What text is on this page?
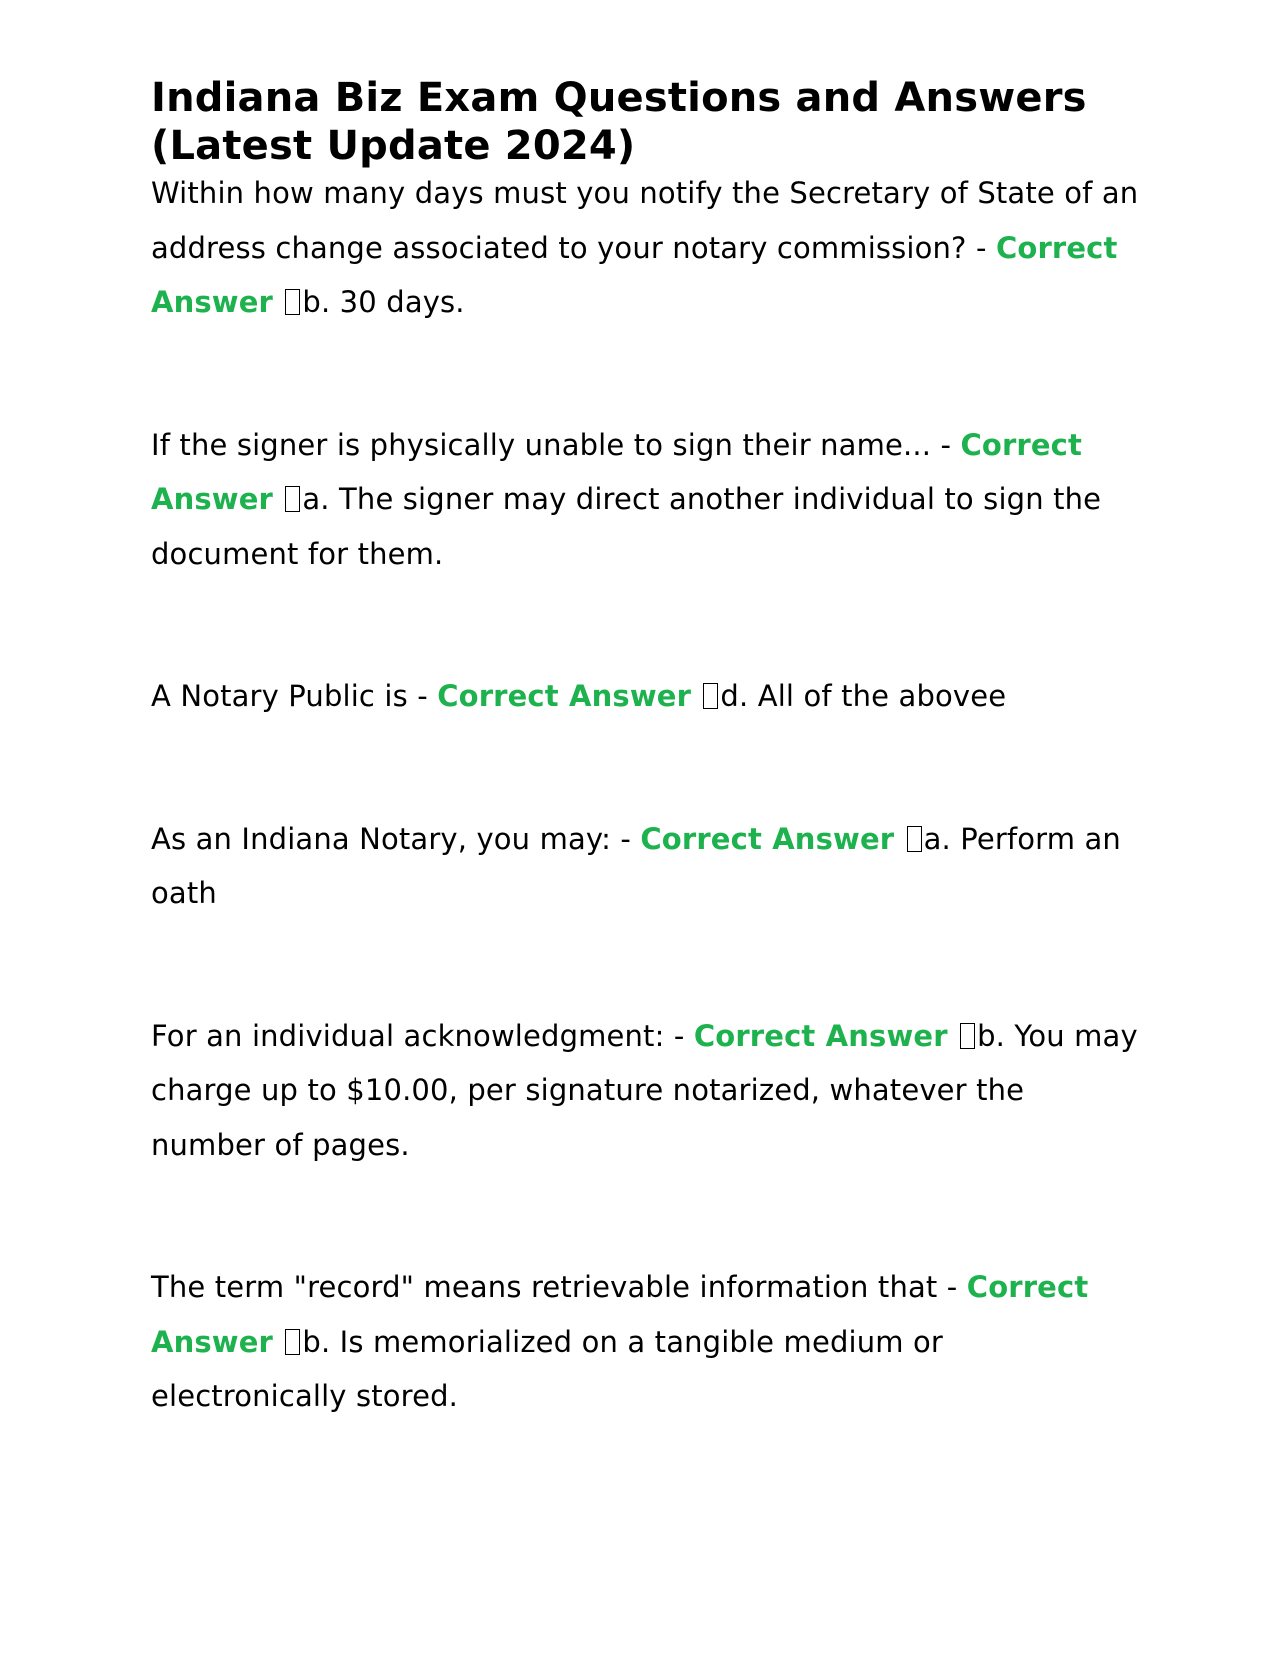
Indiana Biz Exam Questions and Answers (Latest Update 2024)

Within how many days must you notify the Secretary of State of an address change associated to your notary commission? - Correct Answer b. 30 days.

If the signer is physically unable to sign their name... - Correct Answer a. The signer may direct another individual to sign the document for them.

A Notary Public is - Correct Answer d. All of the abovee

As an Indiana Notary, you may: - Correct Answer a. Perform an oath

For an individual acknowledgment: - Correct Answer b. You may charge up to $10.00, per signature notarized, whatever the number of pages.

The term "record" means retrievable information that - Correct Answer b. Is memorialized on a tangible medium or electronically stored.
